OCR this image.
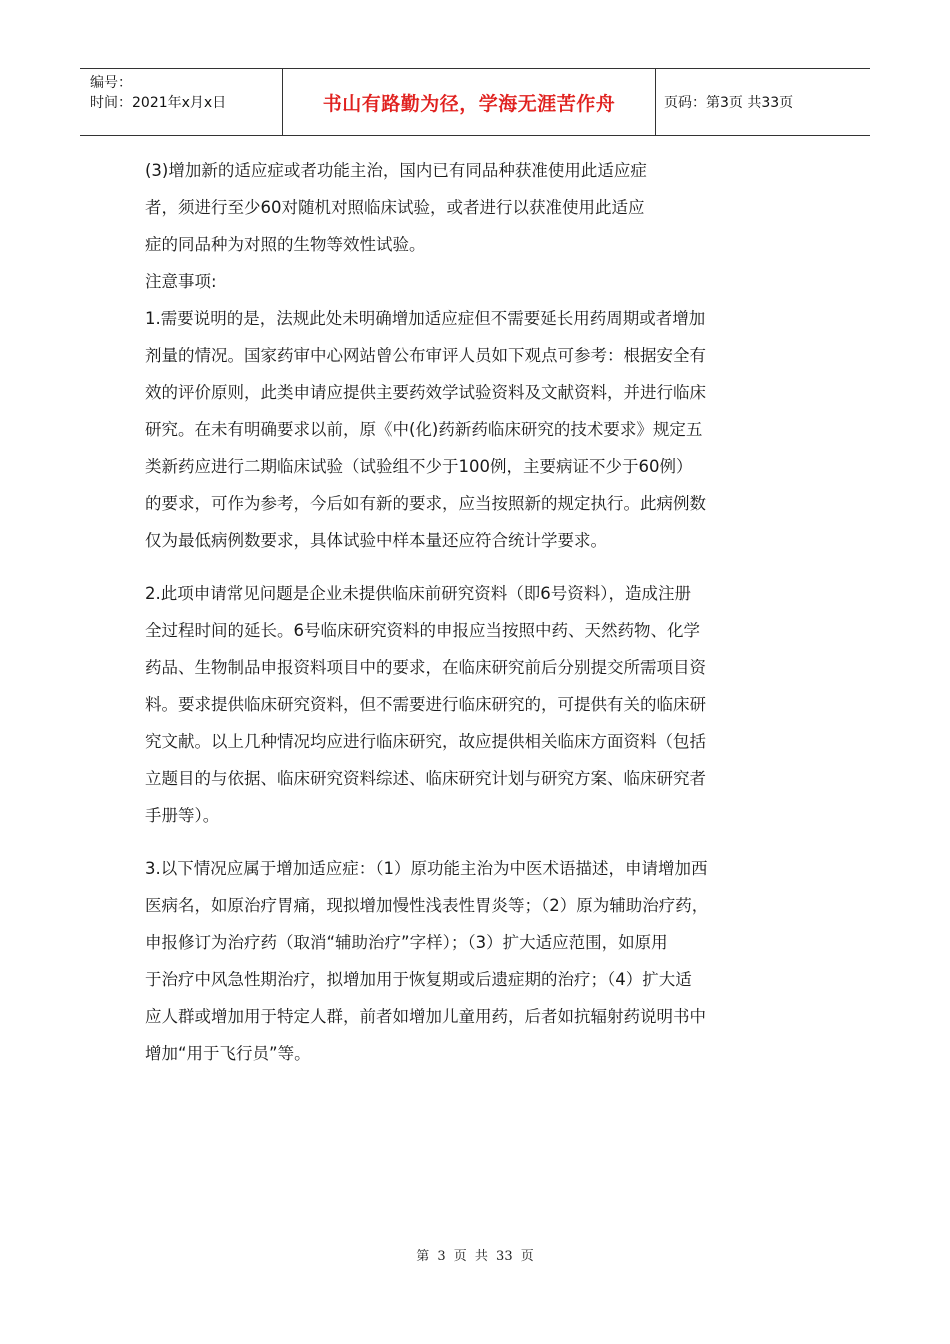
编号：
时间：2021年x月x日	书山有路勤为径，学海无涯苦作舟	页码：第3页 共33页

(3)增加新的适应症或者功能主治，国内已有同品种获准使用此适应症

者，须进行至少60对随机对照临床试验，或者进行以获准使用此适应

症的同品种为对照的生物等效性试验。

注意事项:

1.需要说明的是，法规此处未明确增加适应症但不需要延长用药周期或者增加

剂量的情况。国家药审中心网站曾公布审评人员如下观点可参考：根据安全有

效的评价原则，此类申请应提供主要药效学试验资料及文献资料，并进行临床

研究。在未有明确要求以前，原《中(化)药新药临床研究的技术要求》规定五

类新药应进行二期临床试验（试验组不少于100例，主要病证不少于60例）

的要求，可作为参考，今后如有新的要求，应当按照新的规定执行。此病例数

仅为最低病例数要求，具体试验中样本量还应符合统计学要求。

2.此项申请常见问题是企业未提供临床前研究资料（即6号资料），造成注册

全过程时间的延长。6号临床研究资料的申报应当按照中药、天然药物、化学

药品、生物制品申报资料项目中的要求，在临床研究前后分别提交所需项目资

料。要求提供临床研究资料，但不需要进行临床研究的，可提供有关的临床研

究文献。以上几种情况均应进行临床研究，故应提供相关临床方面资料（包括

立题目的与依据、临床研究资料综述、临床研究计划与研究方案、临床研究者

手册等）。

3.以下情况应属于增加适应症：（1）原功能主治为中医术语描述，申请增加西

医病名，如原治疗胃痛，现拟增加慢性浅表性胃炎等；（2）原为辅助治疗药，

申报修订为治疗药（取消“辅助治疗”字样）；（3）扩大适应范围，如原用

于治疗中风急性期治疗，拟增加用于恢复期或后遗症期的治疗；（4）扩大适

应人群或增加用于特定人群，前者如增加儿童用药，后者如抗辐射药说明书中

增加“用于飞行员”等。

第 3 页 共 33 页
